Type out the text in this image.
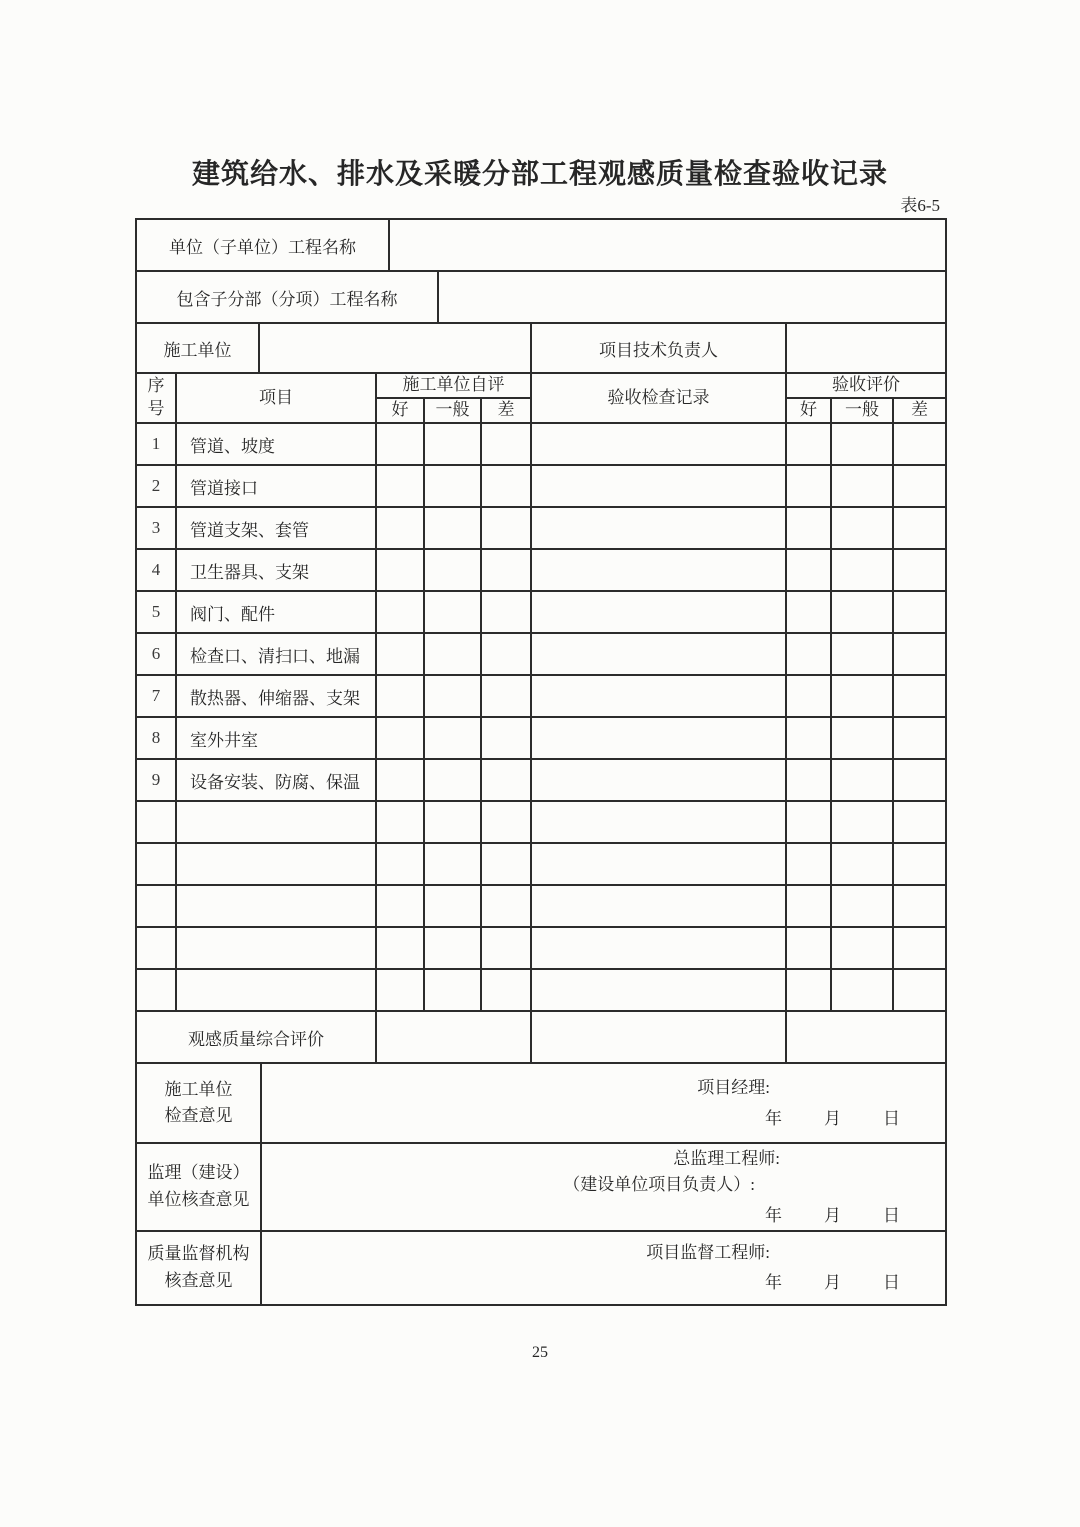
建筑给水、排水及采暖分部工程观感质量检查验收记录
表6-5
单位（子单位）工程名称	
包含子分部（分项）工程名称	
施工单位		项目技术负责人	
序号	项目	施工单位自评			验收检查记录	验收评价		
		好	一般	差		好	一般	差
1	管道、坡度							
2	管道接口							
3	管道支架、套管							
4	卫生器具、支架							
5	阀门、配件							
6	检查口、清扫口、地漏							
7	散热器、伸缩器、支架							
8	室外井室							
9	设备安装、防腐、保温							

观感质量综合评价								
施工单位
检查意见

项目经理:
年 月 日

监理（建设）
单位核查意见

总监理工程师:
（建设单位项目负责人）:
年 月 日

质量监督机构
核查意见

项目监督工程师:
年 月 日
25
